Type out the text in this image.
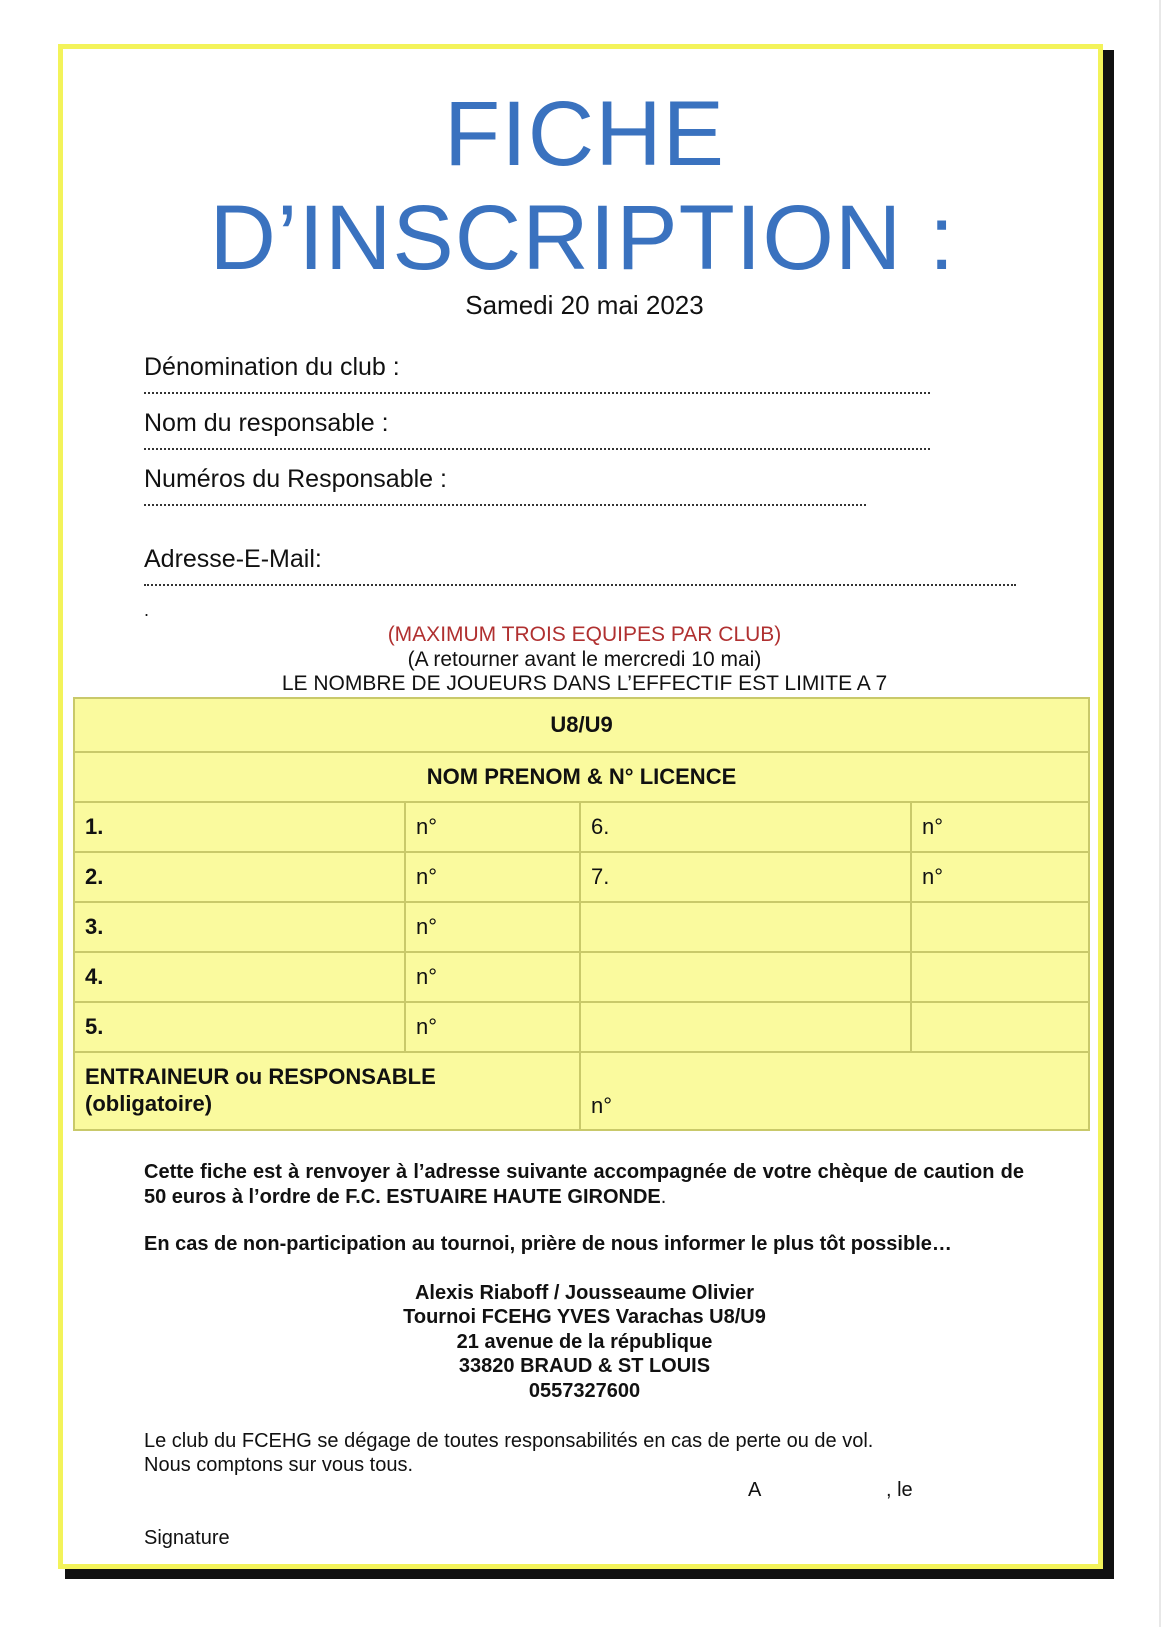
FICHE
D’INSCRIPTION :
Samedi 20 mai 2023
Dénomination du club :
Nom du responsable :
Numéros du Responsable :
Adresse-E-Mail:
.
(MAXIMUM TROIS EQUIPES PAR CLUB)
(A retourner avant le mercredi 10 mai)
LE NOMBRE DE JOUEURS DANS L’EFFECTIF EST LIMITE A 7
U8/U9			
NOM PRENOM & N° LICENCE			
1.	n°	6.	n°
2.	n°	7.	n°
3.	n°		
4.	n°		
5.	n°		

ENTRAINEUR ou RESPONSABLE
(obligatoire)		n°	
Cette fiche est à renvoyer à l’adresse suivante accompagnée de votre chèque de caution de 50 euros à l’ordre de F.C. ESTUAIRE HAUTE GIRONDE.
En cas de non-participation au tournoi, prière de nous informer le plus tôt possible…
Alexis Riaboff / Jousseaume Olivier
Tournoi FCEHG YVES Varachas U8/U9
21 avenue de la république
33820 BRAUD & ST LOUIS
0557327600
Le club du FCEHG se dégage de toutes responsabilités en cas de perte ou de vol.
Nous comptons sur vous tous.
A	, le
Signature
